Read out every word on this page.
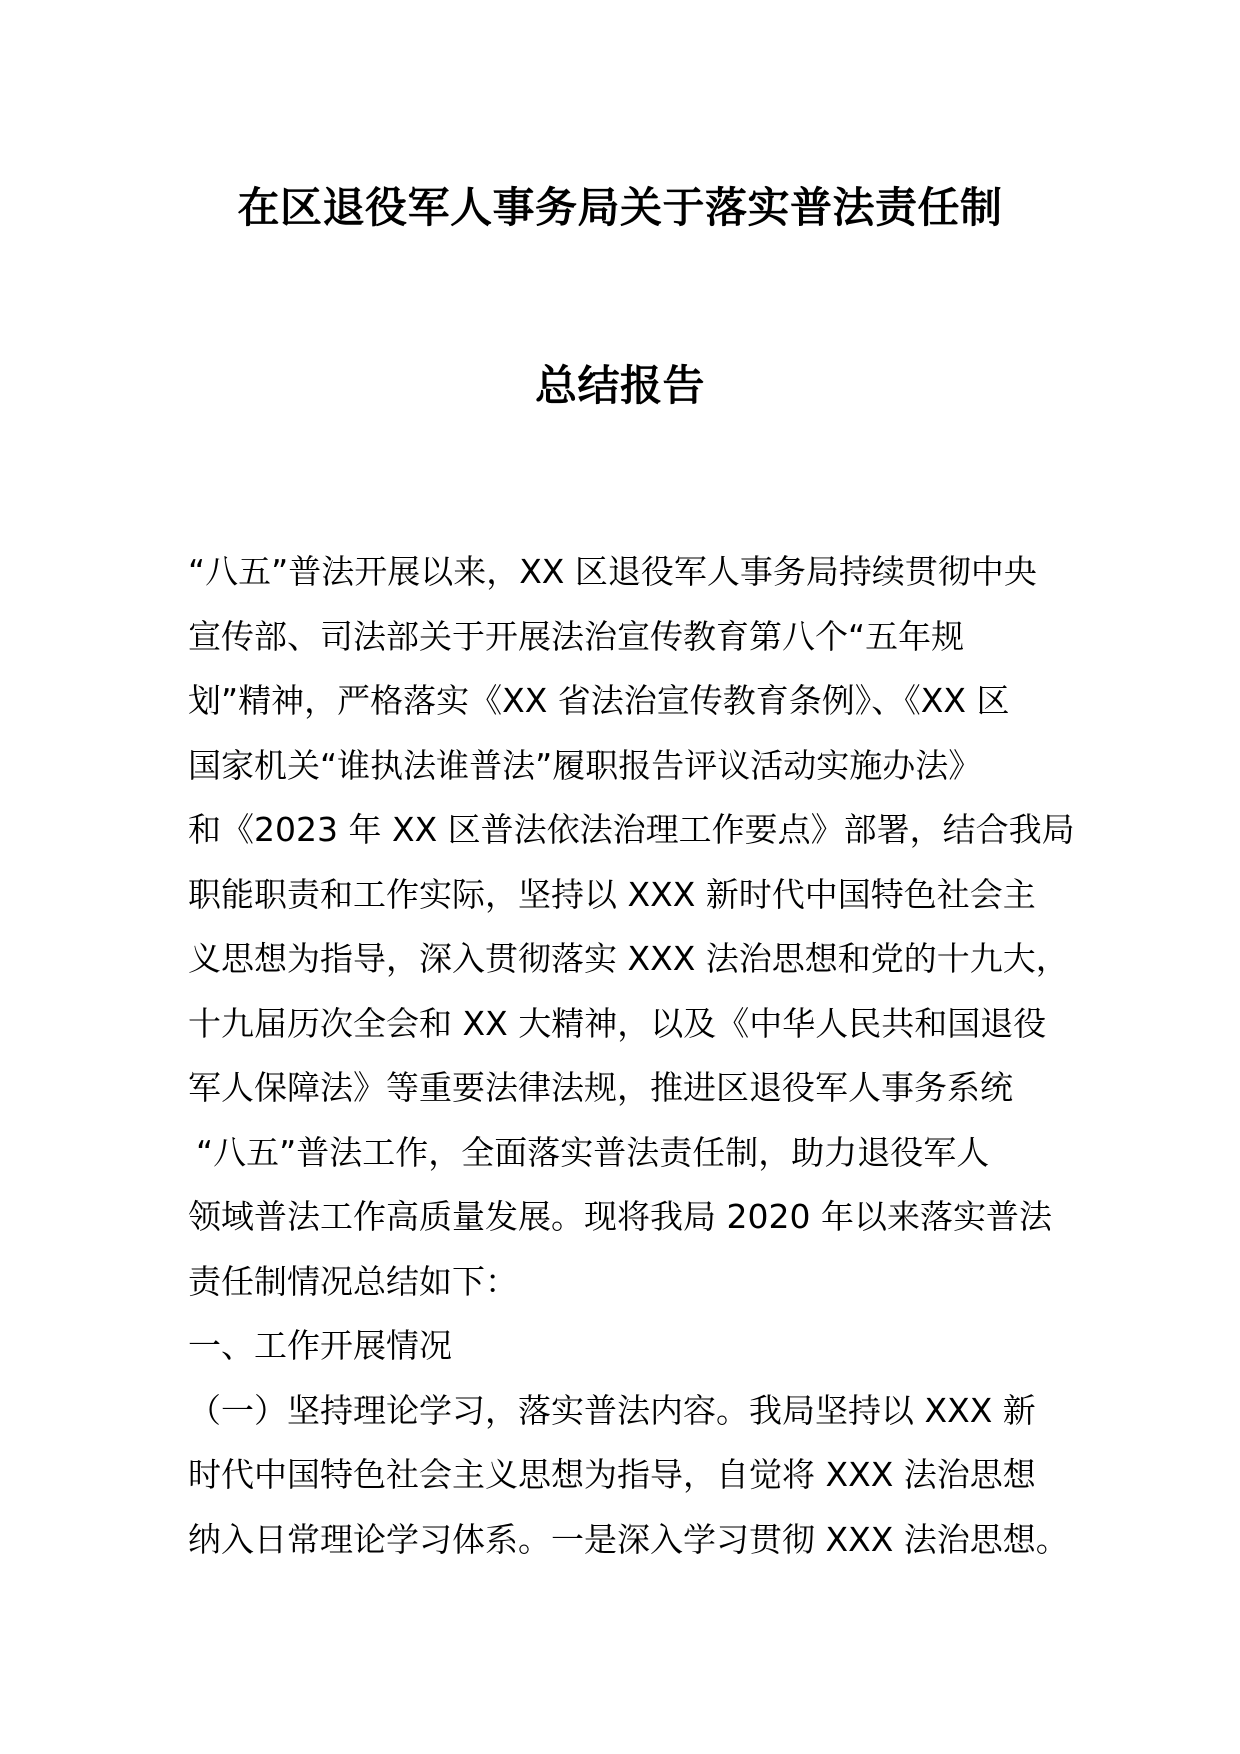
在区退役军人事务局关于落实普法责任制
总结报告
“八五”普法开展以来，XX 区退役军人事务局持续贯彻中央
宣传部、司法部关于开展法治宣传教育第八个“五年规
划”精神，严格落实《XX 省法治宣传教育条例》、《XX 区
国家机关“谁执法谁普法”履职报告评议活动实施办法》
和《2023 年 XX 区普法依法治理工作要点》部署，结合我局
职能职责和工作实际，坚持以 XXX 新时代中国特色社会主
义思想为指导，深入贯彻落实 XXX 法治思想和党的十九大，
十九届历次全会和 XX 大精神，以及《中华人民共和国退役
军人保障法》等重要法律法规，推进区退役军人事务系统
“八五”普法工作，全面落实普法责任制，助力退役军人
领域普法工作高质量发展。现将我局 2020 年以来落实普法
责任制情况总结如下：
一、工作开展情况
（一）坚持理论学习，落实普法内容。我局坚持以 XXX 新
时代中国特色社会主义思想为指导，自觉将 XXX 法治思想
纳入日常理论学习体系。一是深入学习贯彻 XXX 法治思想。
